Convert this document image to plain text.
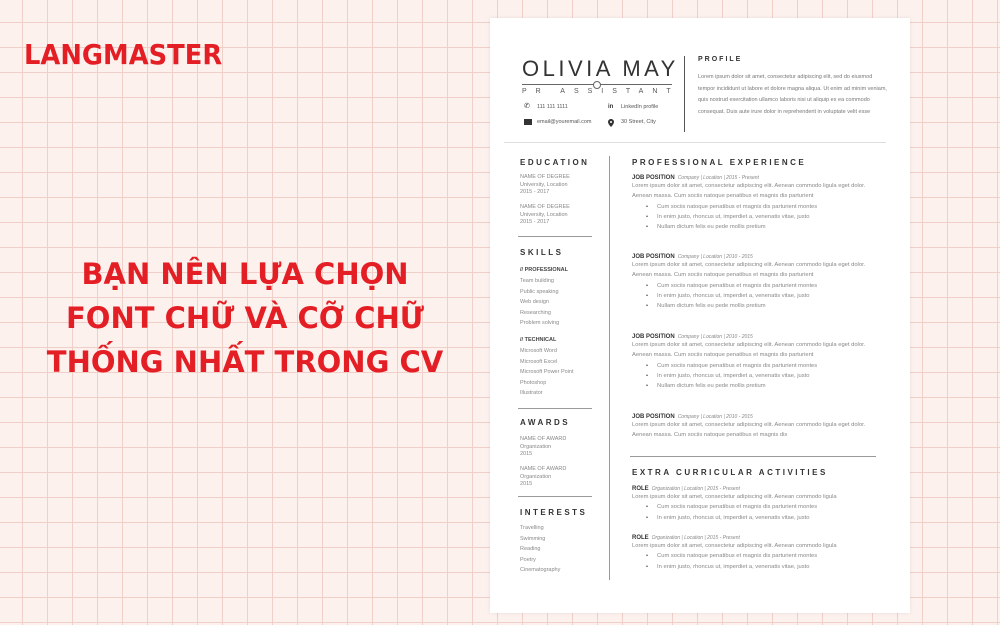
LANGMASTER
BẠN NÊN LỰA CHỌN
FONT CHỮ VÀ CỠ CHỮ
THỐNG NHẤT TRONG CV
OLIVIA MAY
PR ASSISTANT
✆	111 111 1111	in	LinkedIn profile
email@youremail.com	30 Street, City
PROFILE
Lorem ipsum dolor sit amet, consectetur adipiscing elit, sed do eiusmod tempor incididunt ut labore et dolore magna aliqua. Ut enim ad minim veniam, quis nostrud exercitation ullamco laboris nisi ut aliquip ex ea commodo consequat. Duis aute irure dolor in reprehenderit in voluptate velit esse
EDUCATION
NAME OF DEGREE
University, Location
2015 - 2017
NAME OF DEGREE
University, Location
2015 - 2017
SKILLS
// PROFESSIONAL
Team building
Public speaking
Web design
Researching
Problem solving
// TECHNICAL
Microsoft Word
Microsoft Excel
Microsoft Power Point
Photoshop
Illustrator
AWARDS
NAME OF AWARD
Organization
2015
NAME OF AWARD
Organization
2015
INTERESTS
Travelling
Swimming
Reading
Poetry
Cinematography
PROFESSIONAL EXPERIENCE
JOB POSITION Company | Location | 2015 - Present
Lorem ipsum dolor sit amet, consectetur adipiscing elit. Aenean commodo ligula eget dolor. Aenean massa. Cum sociis natoque penatibus et magnis dis parturient
• Cum sociis natoque penatibus et magnis dis parturient montes
• In enim justo, rhoncus ut, imperdiet a, venenatis vitae, justo
• Nullam dictum felis eu pede mollis pretium
JOB POSITION Company | Location | 2010 - 2015
Lorem ipsum dolor sit amet, consectetur adipiscing elit. Aenean commodo ligula eget dolor. Aenean massa. Cum sociis natoque penatibus et magnis dis parturient
• Cum sociis natoque penatibus et magnis dis parturient montes
• In enim justo, rhoncus ut, imperdiet a, venenatis vitae, justo
• Nullam dictum felis eu pede mollis pretium
JOB POSITION Company | Location | 2010 - 2015
Lorem ipsum dolor sit amet, consectetur adipiscing elit. Aenean commodo ligula eget dolor. Aenean massa. Cum sociis natoque penatibus et magnis dis parturient
• Cum sociis natoque penatibus et magnis dis parturient montes
• In enim justo, rhoncus ut, imperdiet a, venenatis vitae, justo
• Nullam dictum felis eu pede mollis pretium
JOB POSITION Company | Location | 2010 - 2015
Lorem ipsum dolor sit amet, consectetur adipiscing elit. Aenean commodo ligula eget dolor. Aenean massa. Cum sociis natoque penatibus et magnis dis
EXTRA CURRICULAR ACTIVITIES
ROLE Organization | Location | 2015 - Present
Lorem ipsum dolor sit amet, consectetur adipiscing elit. Aenean commodo ligula
• Cum sociis natoque penatibus et magnis dis parturient montes
• In enim justo, rhoncus ut, imperdiet a, venenatis vitae, justo
ROLE Organization | Location | 2015 - Present
Lorem ipsum dolor sit amet, consectetur adipiscing elit. Aenean commodo ligula
• Cum sociis natoque penatibus et magnis dis parturient montes
• In enim justo, rhoncus ut, imperdiet a, venenatis vitae, justo
